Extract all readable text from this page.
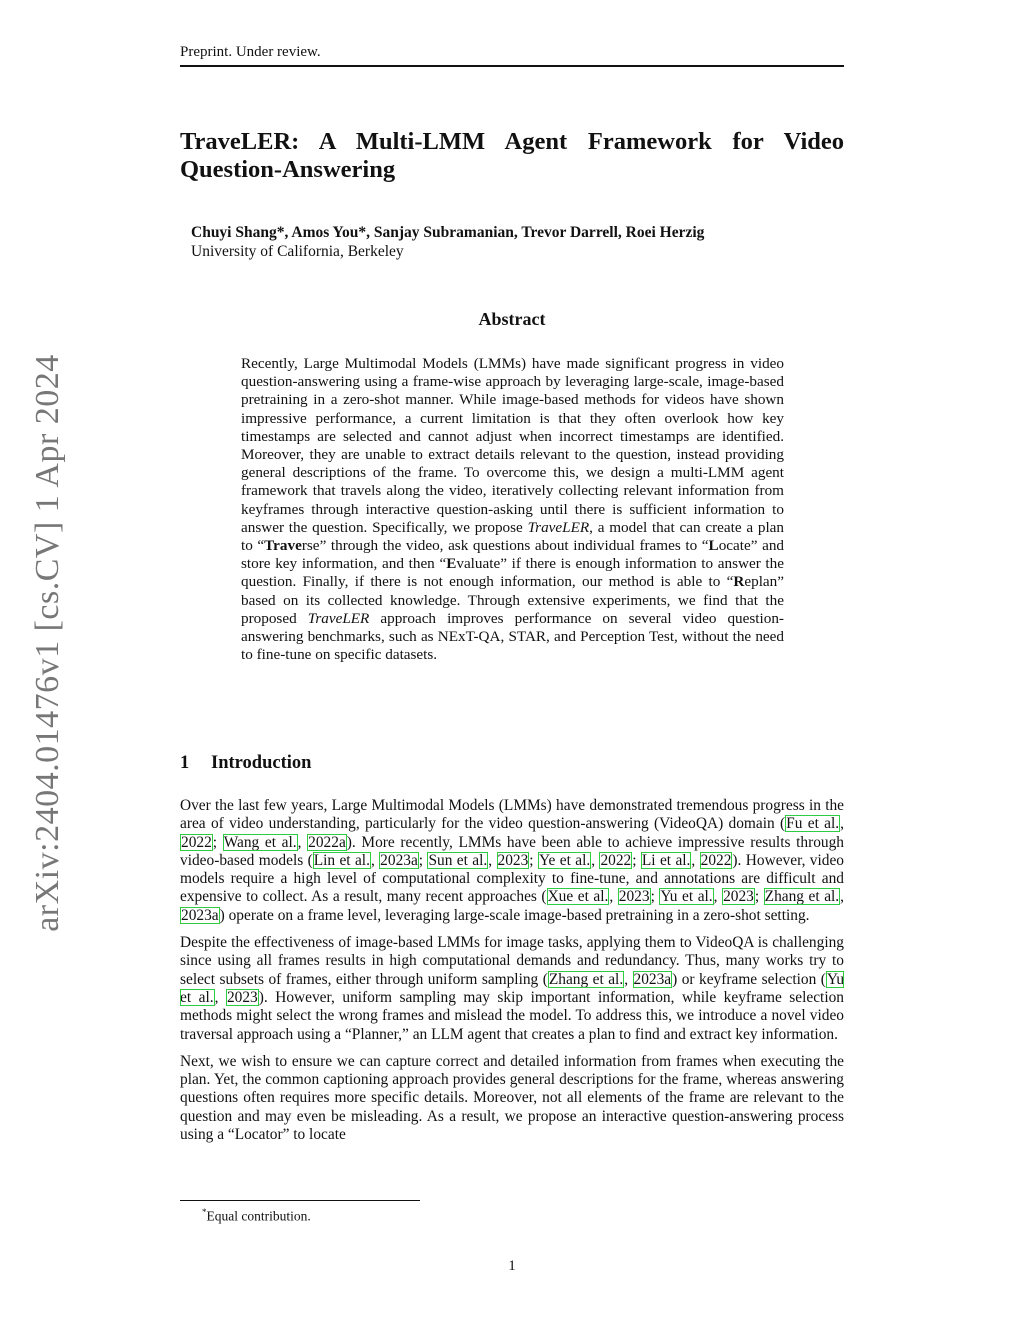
arXiv:2404.01476v1 [cs.CV] 1 Apr 2024
Preprint. Under review.
TraveLER: A Multi-LMM Agent Framework for Video Question-Answering
Chuyi Shang*, Amos You*, Sanjay Subramanian, Trevor Darrell, Roei Herzig
University of California, Berkeley
Abstract
Recently, Large Multimodal Models (LMMs) have made significant progress in video question-answering using a frame-wise approach by leveraging large-scale, image-based pretraining in a zero-shot manner. While image-based methods for videos have shown impressive performance, a current limitation is that they often overlook how key timestamps are selected and cannot adjust when incorrect timestamps are identified. Moreover, they are unable to extract details relevant to the question, instead providing general descriptions of the frame. To overcome this, we design a multi-LMM agent framework that travels along the video, iteratively collecting relevant information from keyframes through interactive question-asking until there is sufficient information to answer the question. Specifically, we propose TraveLER, a model that can create a plan to “Traverse” through the video, ask questions about individual frames to “Locate” and store key information, and then “Evaluate” if there is enough information to answer the question. Finally, if there is not enough information, our method is able to “Replan” based on its collected knowledge. Through extensive experiments, we find that the proposed TraveLER approach improves performance on several video question-answering benchmarks, such as NExT-QA, STAR, and Perception Test, without the need to fine-tune on specific datasets.
1 Introduction

Over the last few years, Large Multimodal Models (LMMs) have demonstrated tremendous progress in the area of video understanding, particularly for the video question-answering (VideoQA) domain (Fu et al., 2022; Wang et al., 2022a). More recently, LMMs have been able to achieve impressive results through video-based models (Lin et al., 2023a; Sun et al., 2023; Ye et al., 2022; Li et al., 2022). However, video models require a high level of computational complexity to fine-tune, and annotations are difficult and expensive to collect. As a result, many recent approaches (Xue et al., 2023; Yu et al., 2023; Zhang et al., 2023a) operate on a frame level, leveraging large-scale image-based pretraining in a zero-shot setting.

Despite the effectiveness of image-based LMMs for image tasks, applying them to VideoQA is challenging since using all frames results in high computational demands and redundancy. Thus, many works try to select subsets of frames, either through uniform sampling (Zhang et al., 2023a) or keyframe selection (Yu et al., 2023). However, uniform sampling may skip important information, while keyframe selection methods might select the wrong frames and mislead the model. To address this, we introduce a novel video traversal approach using a “Planner,” an LLM agent that creates a plan to find and extract key information.

Next, we wish to ensure we can capture correct and detailed information from frames when executing the plan. Yet, the common captioning approach provides general descriptions for the frame, whereas answering questions often requires more specific details. Moreover, not all elements of the frame are relevant to the question and may even be misleading. As a result, we propose an interactive question-answering process using a “Locator” to locate

*Equal contribution.
1
